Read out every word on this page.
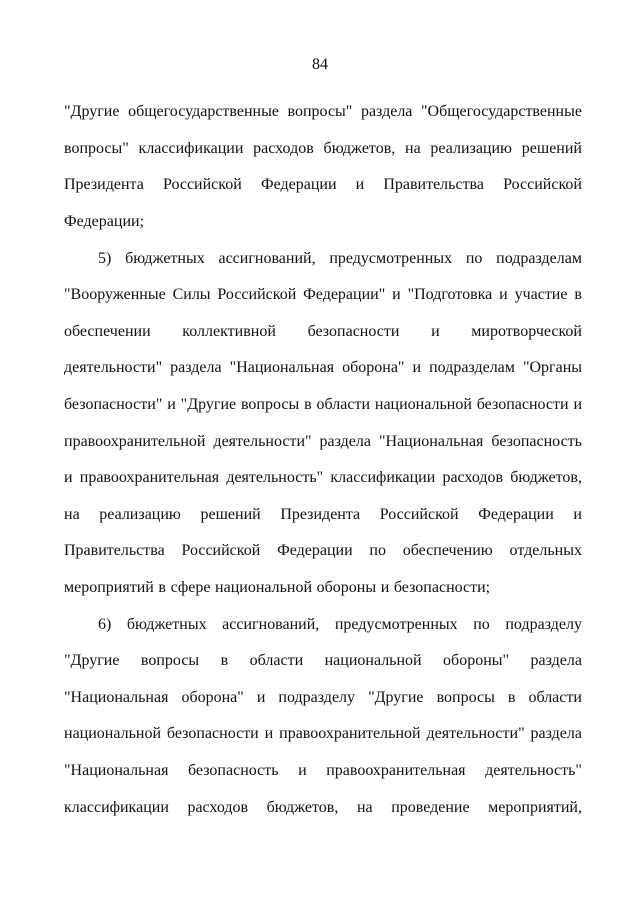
84
"Другие общегосударственные вопросы" раздела "Общегосударственные
вопросы" классификации расходов бюджетов, на реализацию решений
Президента Российской Федерации и Правительства Российской
Федерации;
5) бюджетных ассигнований, предусмотренных по подразделам
"Вооруженные Силы Российской Федерации" и "Подготовка и участие в
обеспечении коллективной безопасности и миротворческой
деятельности" раздела "Национальная оборона" и подразделам "Органы
безопасности" и "Другие вопросы в области национальной безопасности и
правоохранительной деятельности" раздела "Национальная безопасность
и правоохранительная деятельность" классификации расходов бюджетов,
на реализацию решений Президента Российской Федерации и
Правительства Российской Федерации по обеспечению отдельных
мероприятий в сфере национальной обороны и безопасности;
6) бюджетных ассигнований, предусмотренных по подразделу
"Другие вопросы в области национальной обороны" раздела
"Национальная оборона" и подразделу "Другие вопросы в области
национальной безопасности и правоохранительной деятельности" раздела
"Национальная безопасность и правоохранительная деятельность"
классификации расходов бюджетов, на проведение мероприятий,
